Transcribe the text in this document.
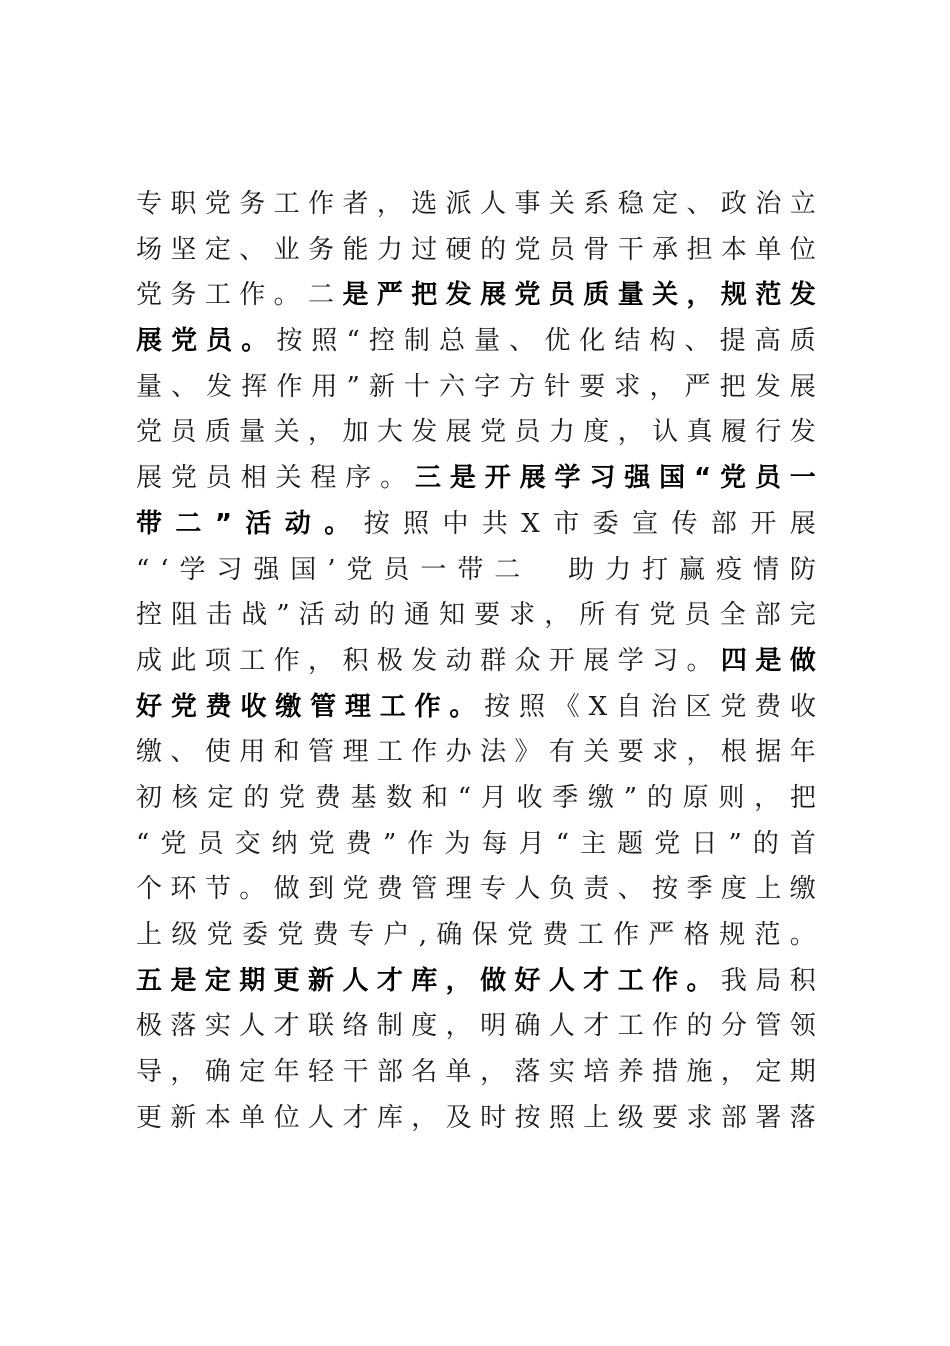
专 职 党 务 工 作 者 ， 选 派 人 事 关 系 稳 定 、 政 治 立
场 坚 定 、 业 务 能 力 过 硬 的 党 员 骨 干 承 担 本 单 位
党 务 工 作 。 二 是 严 把 发 展 党 员 质 量 关 ， 规 范 发
展 党 员 。 按 照 “ 控 制 总 量 、 优 化 结 构 、 提 高 质
量 、 发 挥 作 用 ” 新 十 六 字 方 针 要 求 ， 严 把 发 展
党 员 质 量 关 ， 加 大 发 展 党 员 力 度 ， 认 真 履 行 发
展 党 员 相 关 程 序 。 三 是 开 展 学 习 强 国 “ 党 员 一
带 二 ” 活 动 。 按 照 中 共 X 市 委 宣 传 部 开 展
“ ‘ 学 习 强 国 ’ 党 员 一 带 二
　 助 力 打 赢 疫 情 防
控 阻 击 战 ” 活 动 的 通 知 要 求 ， 所 有 党 员 全 部 完
成 此 项 工 作 ， 积 极 发 动 群 众 开 展 学 习 。 四 是 做
好 党 费 收 缴 管 理 工 作 。 按 照 《 X 自 治 区 党 费 收
缴 、 使 用 和 管 理 工 作 办 法 》 有 关 要 求 ， 根 据 年
初 核 定 的 党 费 基 数 和 “ 月 收 季 缴 ” 的 原 则 ， 把
“ 党 员 交 纳 党 费 ” 作 为 每 月 “ 主 题 党 日 ” 的 首
个 环 节 。 做 到 党 费 管 理 专 人 负 责 、 按 季 度 上 缴
上 级 党 委 党 费 专 户 , 确 保 党 费 工 作 严 格 规 范 。
五 是 定 期 更 新 人 才 库 ， 做 好 人 才 工 作 。 我 局 积
极 落 实 人 才 联 络 制 度 ， 明 确 人 才 工 作 的 分 管 领
导 ， 确 定 年 轻 干 部 名 单 ， 落 实 培 养 措 施 ， 定 期
更 新 本 单 位 人 才 库 ， 及 时 按 照 上 级 要 求 部 署 落
